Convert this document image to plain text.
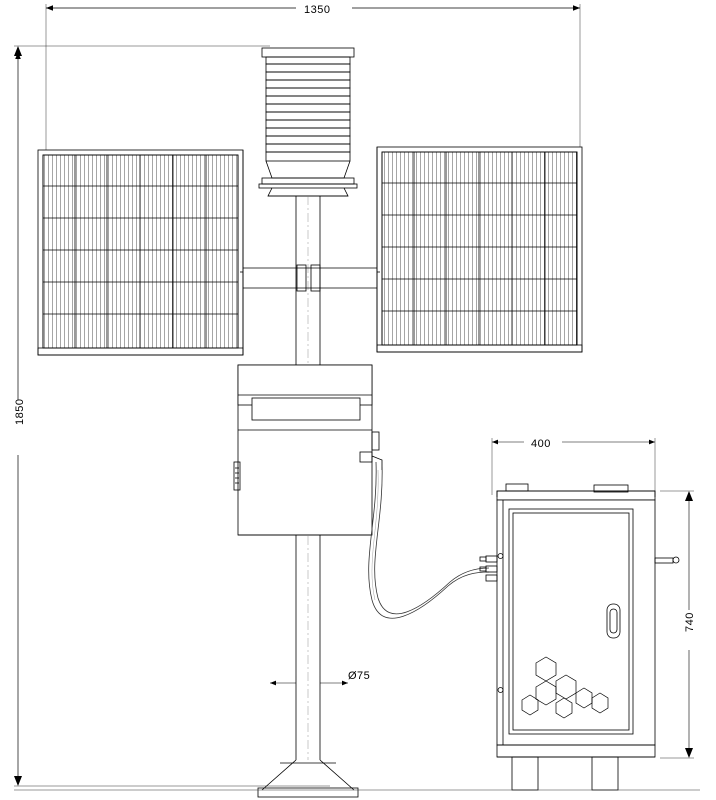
1350
1850
400
740
Ø75
